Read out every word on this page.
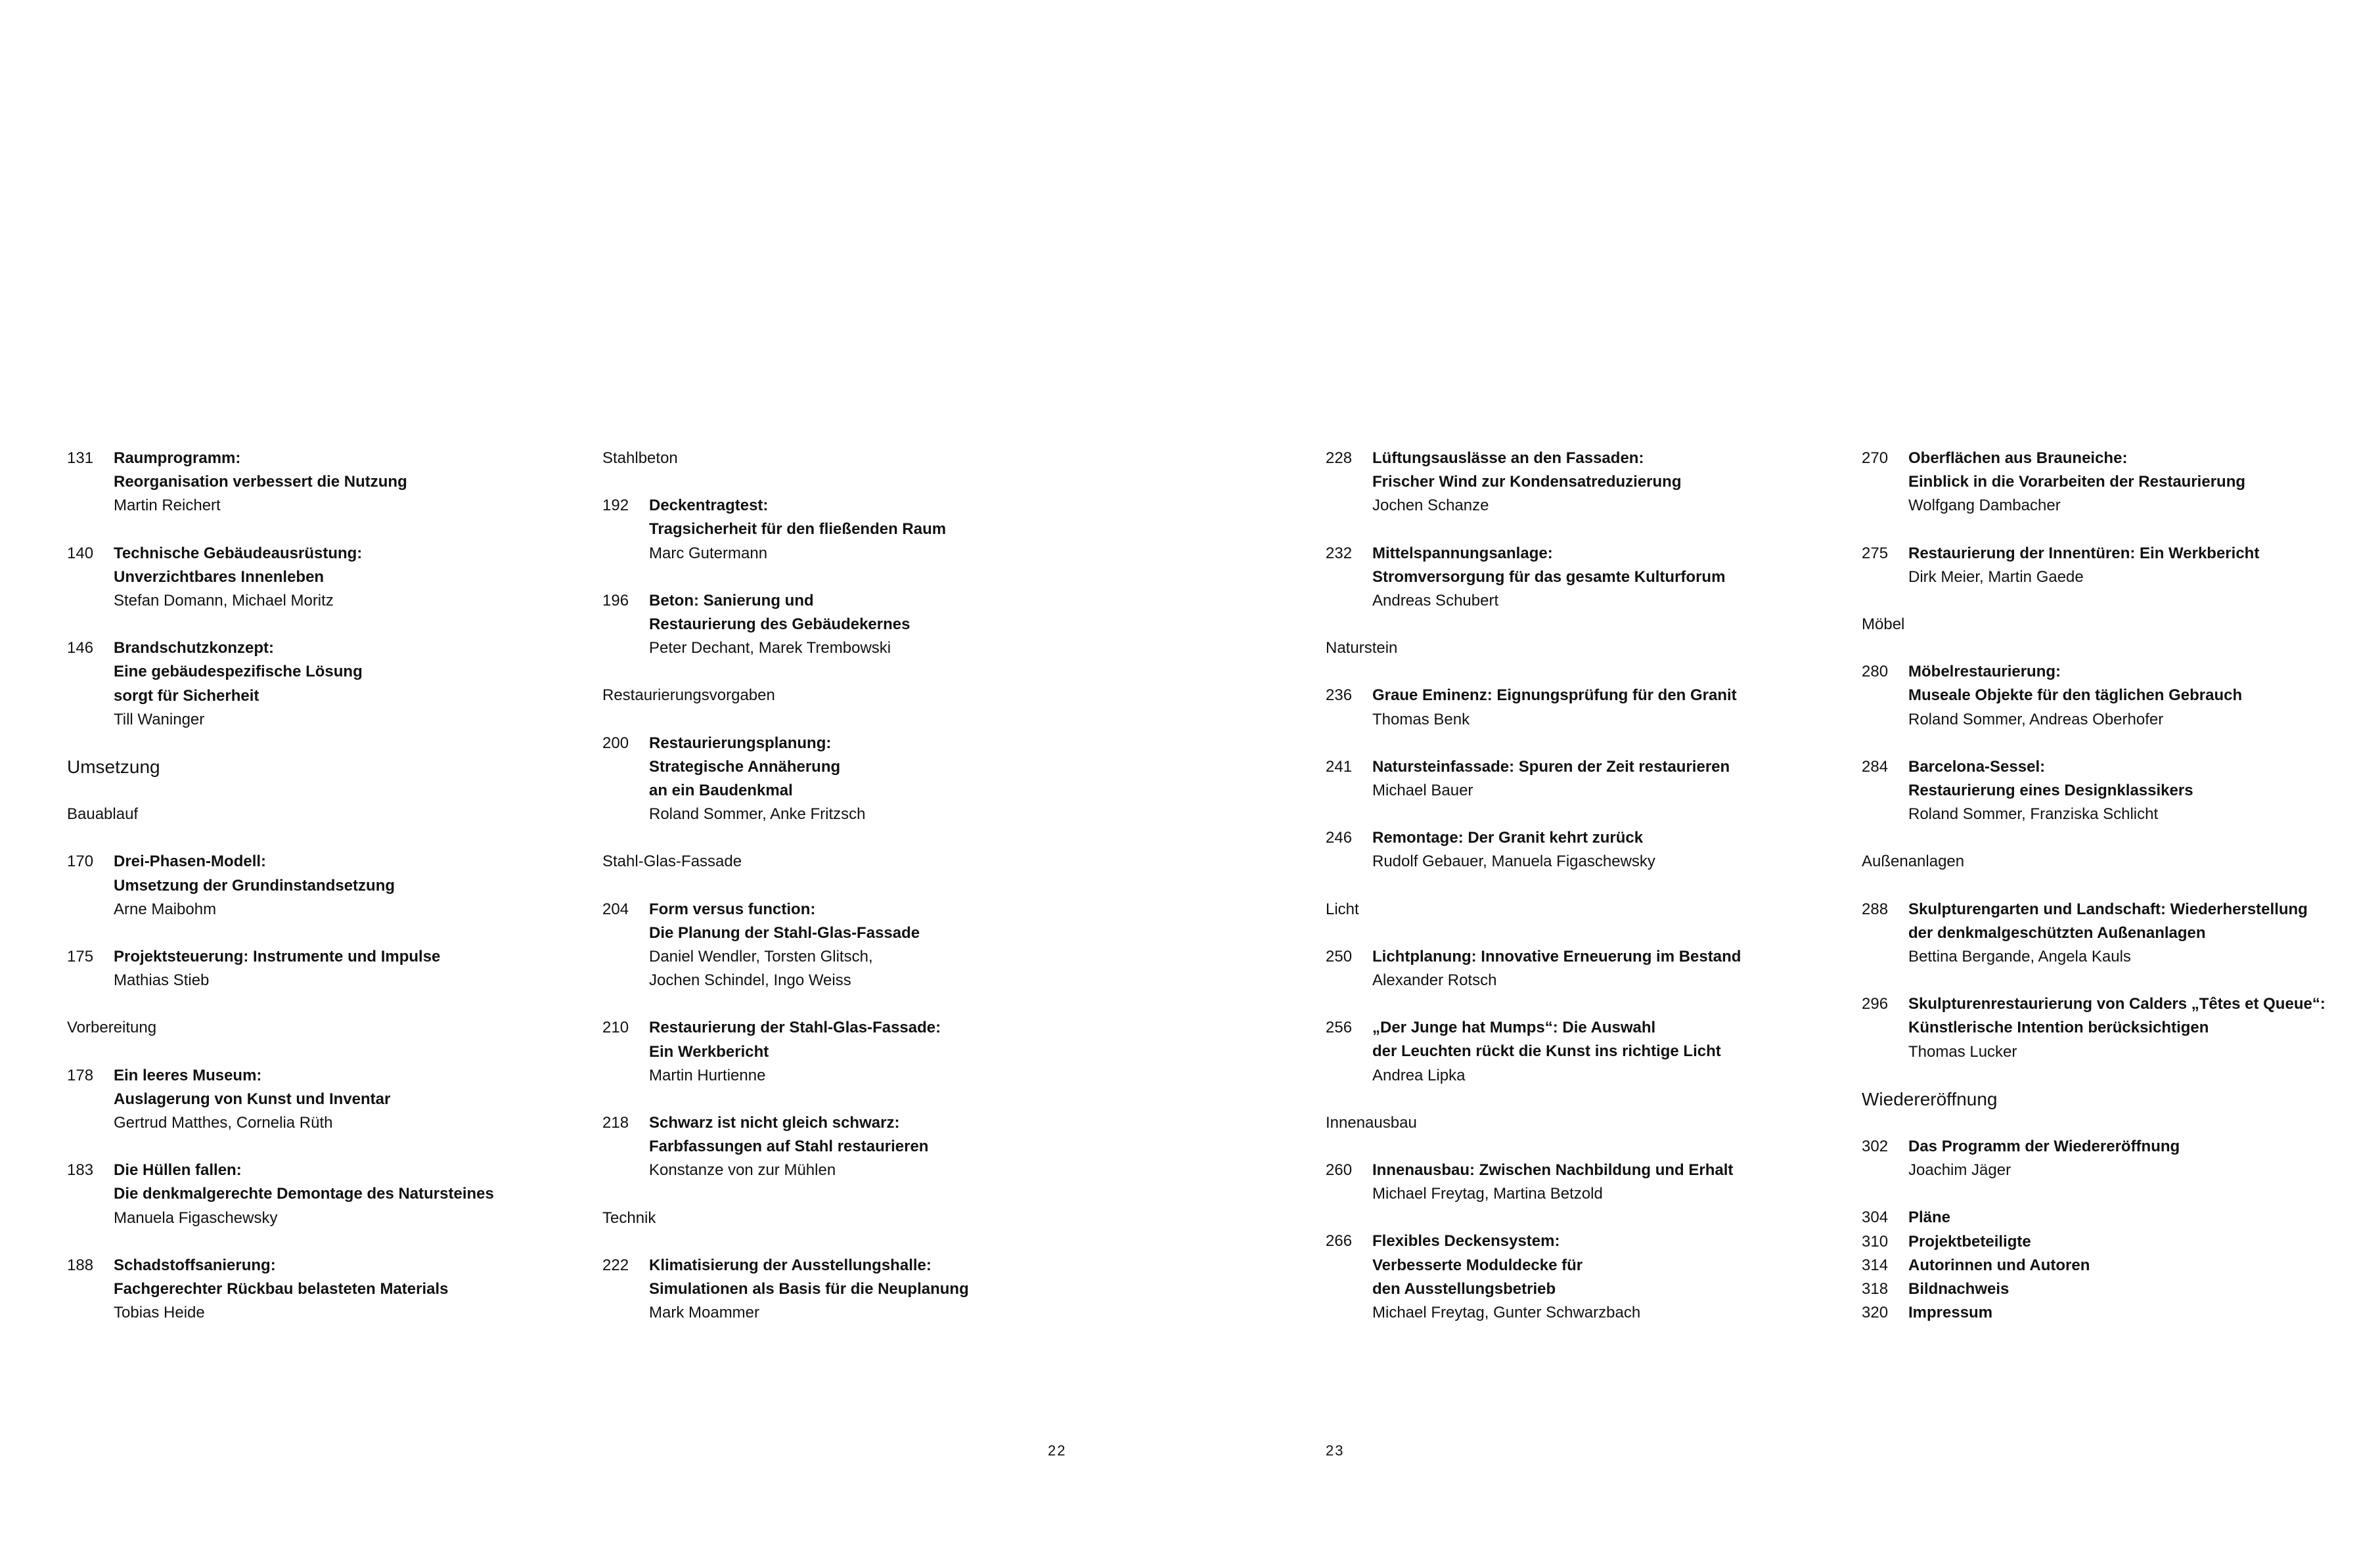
131	Raumprogramm:
Reorganisation verbessert die Nutzung
Martin Reichert
140	Technische Gebäudeausrüstung:
Unverzichtbares Innenleben
Stefan Domann, Michael Moritz
146	Brandschutzkonzept:
Eine gebäudespezifische Lösung
sorgt für Sicherheit
Till Waninger
Umsetzung
Bauablauf
170	Drei-Phasen-Modell:
Umsetzung der Grundinstandsetzung
Arne Maibohm
175	Projektsteuerung: Instrumente und Impulse
Mathias Stieb
Vorbereitung
178	Ein leeres Museum:
Auslagerung von Kunst und Inventar
Gertrud Matthes, Cornelia Rüth
183	Die Hüllen fallen:
Die denkmalgerechte Demontage des Natursteines
Manuela Figaschewsky
188	Schadstoffsanierung:
Fachgerechter Rückbau belasteten Materials
Tobias Heide
Stahlbeton
192	Deckentragtest:
Tragsicherheit für den fließenden Raum
Marc Gutermann
196	Beton: Sanierung und
Restaurierung des Gebäudekernes
Peter Dechant, Marek Trembowski
Restaurierungsvorgaben
200	Restaurierungsplanung:
Strategische Annäherung
an ein Baudenkmal
Roland Sommer, Anke Fritzsch
Stahl-Glas-Fassade
204	Form versus function:
Die Planung der Stahl-Glas-Fassade
Daniel Wendler, Torsten Glitsch,
Jochen Schindel, Ingo Weiss
210	Restaurierung der Stahl-Glas-Fassade:
Ein Werkbericht
Martin Hurtienne
218	Schwarz ist nicht gleich schwarz:
Farbfassungen auf Stahl restaurieren
Konstanze von zur Mühlen
Technik
222	Klimatisierung der Ausstellungshalle:
Simulationen als Basis für die Neuplanung
Mark Moammer
228	Lüftungsauslässe an den Fassaden:
Frischer Wind zur Kondensatreduzierung
Jochen Schanze
232	Mittelspannungsanlage:
Stromversorgung für das gesamte Kulturforum
Andreas Schubert
Naturstein
236	Graue Eminenz: Eignungsprüfung für den Granit
Thomas Benk
241	Natursteinfassade: Spuren der Zeit restaurieren
Michael Bauer
246	Remontage: Der Granit kehrt zurück
Rudolf Gebauer, Manuela Figaschewsky
Licht
250	Lichtplanung: Innovative Erneuerung im Bestand
Alexander Rotsch
256	„Der Junge hat Mumps“: Die Auswahl
der Leuchten rückt die Kunst ins richtige Licht
Andrea Lipka
Innenausbau
260	Innenausbau: Zwischen Nachbildung und Erhalt
Michael Freytag, Martina Betzold
266	Flexibles Deckensystem:
Verbesserte Moduldecke für
den Ausstellungsbetrieb
Michael Freytag, Gunter Schwarzbach
270	Oberflächen aus Brauneiche:
Einblick in die Vorarbeiten der Restaurierung
Wolfgang Dambacher
275	Restaurierung der Innentüren: Ein Werkbericht
Dirk Meier, Martin Gaede
Möbel
280	Möbelrestaurierung:
Museale Objekte für den täglichen Gebrauch
Roland Sommer, Andreas Oberhofer
284	Barcelona-Sessel:
Restaurierung eines Designklassikers
Roland Sommer, Franziska Schlicht
Außenanlagen
288	Skulpturengarten und Landschaft: Wiederherstellung
der denkmalgeschützten Außenanlagen
Bettina Bergande, Angela Kauls
296	Skulpturenrestaurierung von Calders „Têtes et Queue“:
Künstlerische Intention berücksichtigen
Thomas Lucker
Wiedereröffnung
302	Das Programm der Wiedereröffnung
Joachim Jäger
304	Pläne
310	Projektbeteiligte
314	Autorinnen und Autoren
318	Bildnachweis
320	Impressum
22	23
